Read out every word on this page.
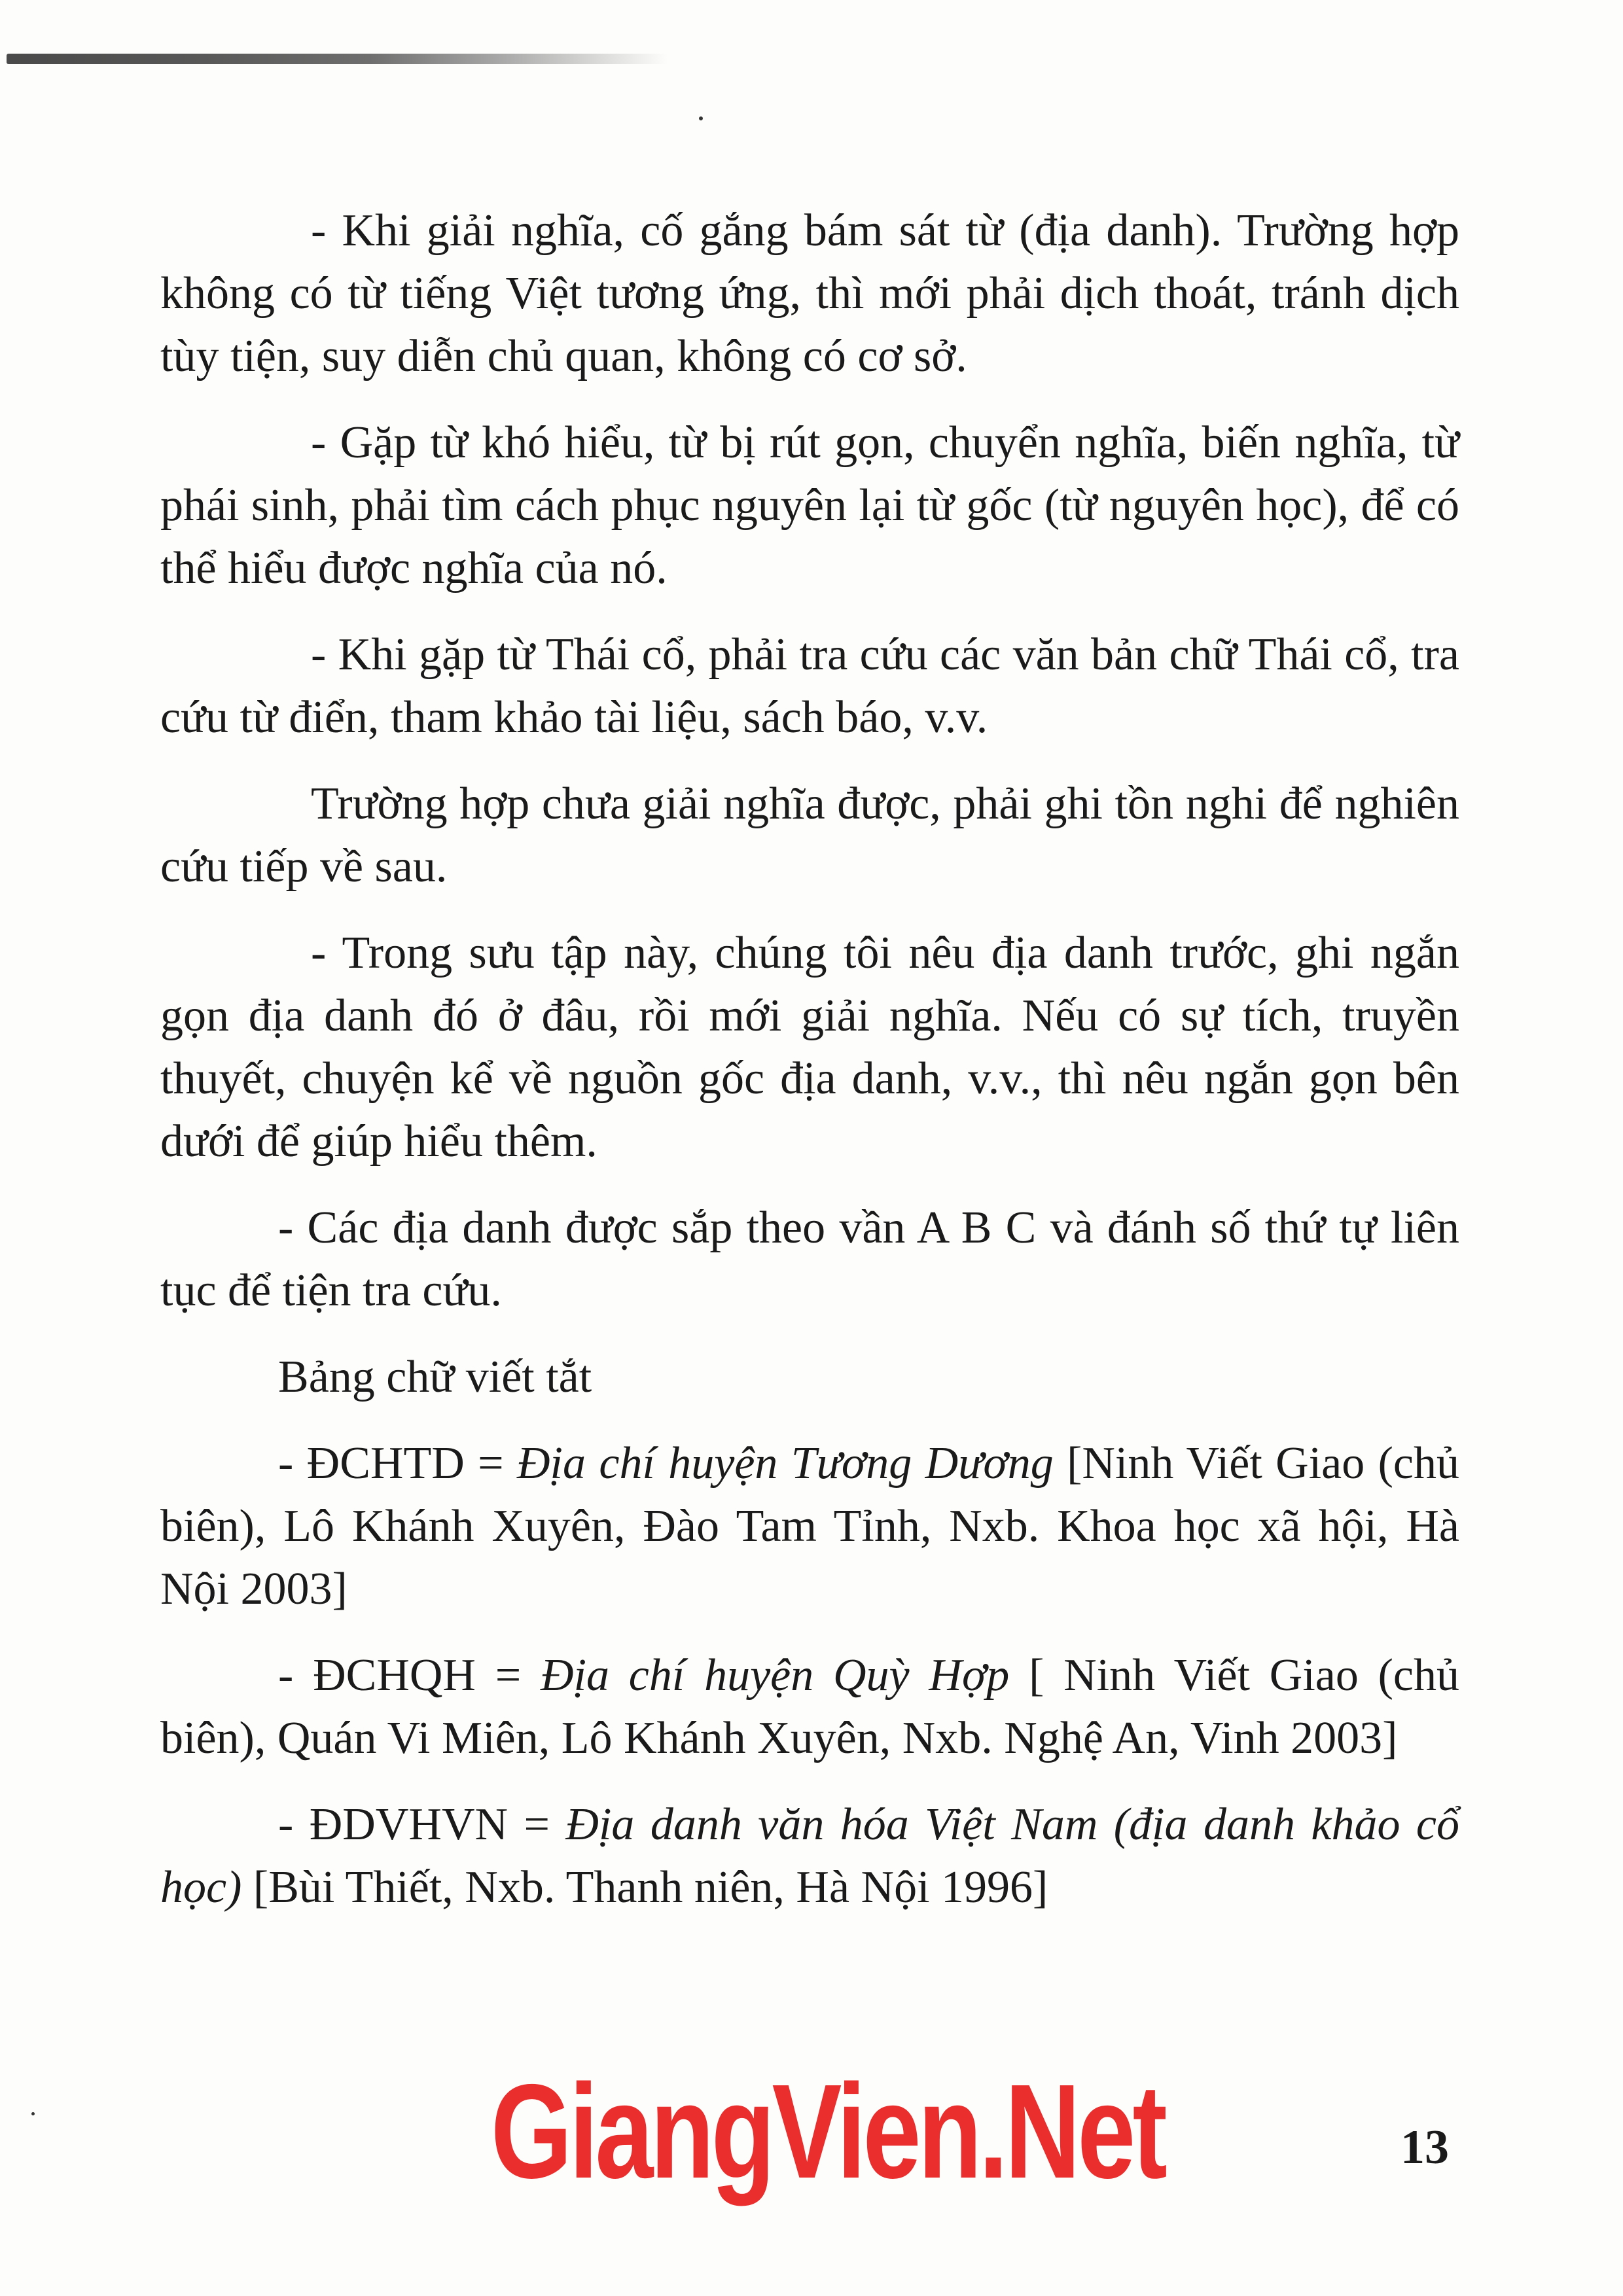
- Khi giải nghĩa, cố gắng bám sát từ (địa danh). Trường hợp không có từ tiếng Việt tương ứng, thì mới phải dịch thoát, tránh dịch tùy tiện, suy diễn chủ quan, không có cơ sở.

- Gặp từ khó hiểu, từ bị rút gọn, chuyển nghĩa, biến nghĩa, từ phái sinh, phải tìm cách phục nguyên lại từ gốc (từ nguyên học), để có thể hiểu được nghĩa của nó.

- Khi gặp từ Thái cổ, phải tra cứu các văn bản chữ Thái cổ, tra cứu từ điển, tham khảo tài liệu, sách báo, v.v.

Trường hợp chưa giải nghĩa được, phải ghi tồn nghi để nghiên cứu tiếp về sau.

- Trong sưu tập này, chúng tôi nêu địa danh trước, ghi ngắn gọn địa danh đó ở đâu, rồi mới giải nghĩa. Nếu có sự tích, truyền thuyết, chuyện kể về nguồn gốc địa danh, v.v., thì nêu ngắn gọn bên dưới để giúp hiểu thêm.

- Các địa danh được sắp theo vần A B C và đánh số thứ tự liên tục để tiện tra cứu.

Bảng chữ viết tắt

- ĐCHTD = Địa chí huyện Tương Dương [Ninh Viết Giao (chủ biên), Lô Khánh Xuyên, Đào Tam Tỉnh, Nxb. Khoa học xã hội, Hà Nội 2003]

- ĐCHQH = Địa chí huyện Quỳ Hợp [ Ninh Viết Giao (chủ biên), Quán Vi Miên, Lô Khánh Xuyên, Nxb. Nghệ An, Vinh 2003]

- ĐDVHVN = Địa danh văn hóa Việt Nam (địa danh khảo cổ học) [Bùi Thiết, Nxb. Thanh niên, Hà Nội 1996]

GiangVien.Net	13
